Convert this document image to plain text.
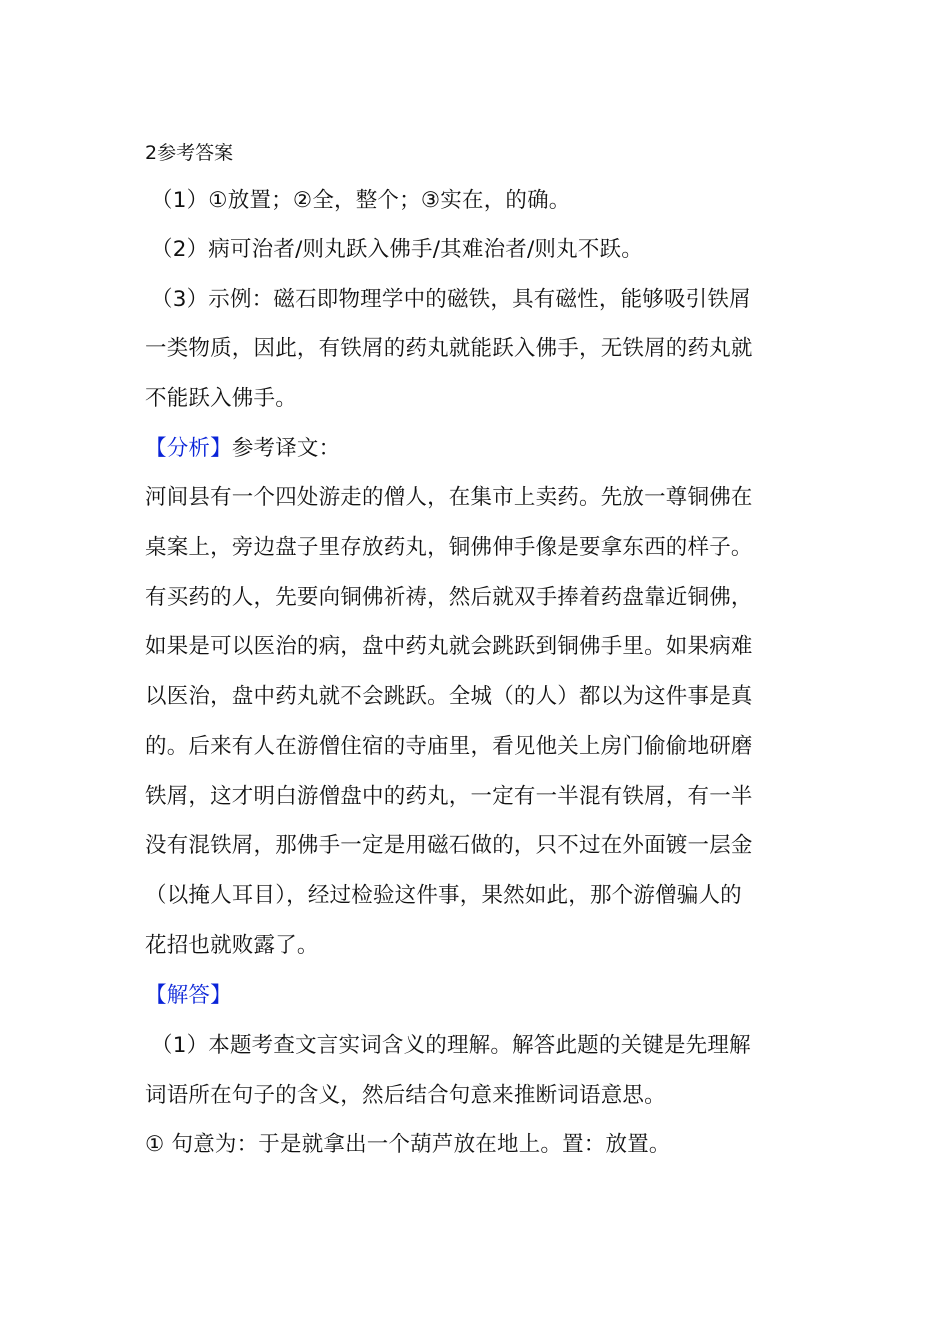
2参考答案
（1）①放置；②全，整个；③实在，的确。
（2）病可治者/则丸跃入佛手/其难治者/则丸不跃。
（3）示例：磁石即物理学中的磁铁，具有磁性，能够吸引铁屑
一类物质，因此，有铁屑的药丸就能跃入佛手，无铁屑的药丸就
不能跃入佛手。
【分析】参考译文：
河间县有一个四处游走的僧人，在集市上卖药。先放一尊铜佛在
桌案上，旁边盘子里存放药丸，铜佛伸手像是要拿东西的样子。
有买药的人，先要向铜佛祈祷，然后就双手捧着药盘靠近铜佛，
如果是可以医治的病，盘中药丸就会跳跃到铜佛手里。如果病难
以医治，盘中药丸就不会跳跃。全城（的人）都以为这件事是真
的。后来有人在游僧住宿的寺庙里，看见他关上房门偷偷地研磨
铁屑，这才明白游僧盘中的药丸，一定有一半混有铁屑，有一半
没有混铁屑，那佛手一定是用磁石做的，只不过在外面镀一层金
（以掩人耳目），经过检验这件事，果然如此，那个游僧骗人的
花招也就败露了。
【解答】
（1）本题考查文言实词含义的理解。解答此题的关键是先理解
词语所在句子的含义，然后结合句意来推断词语意思。
① 句意为：于是就拿出一个葫芦放在地上。置：放置。
